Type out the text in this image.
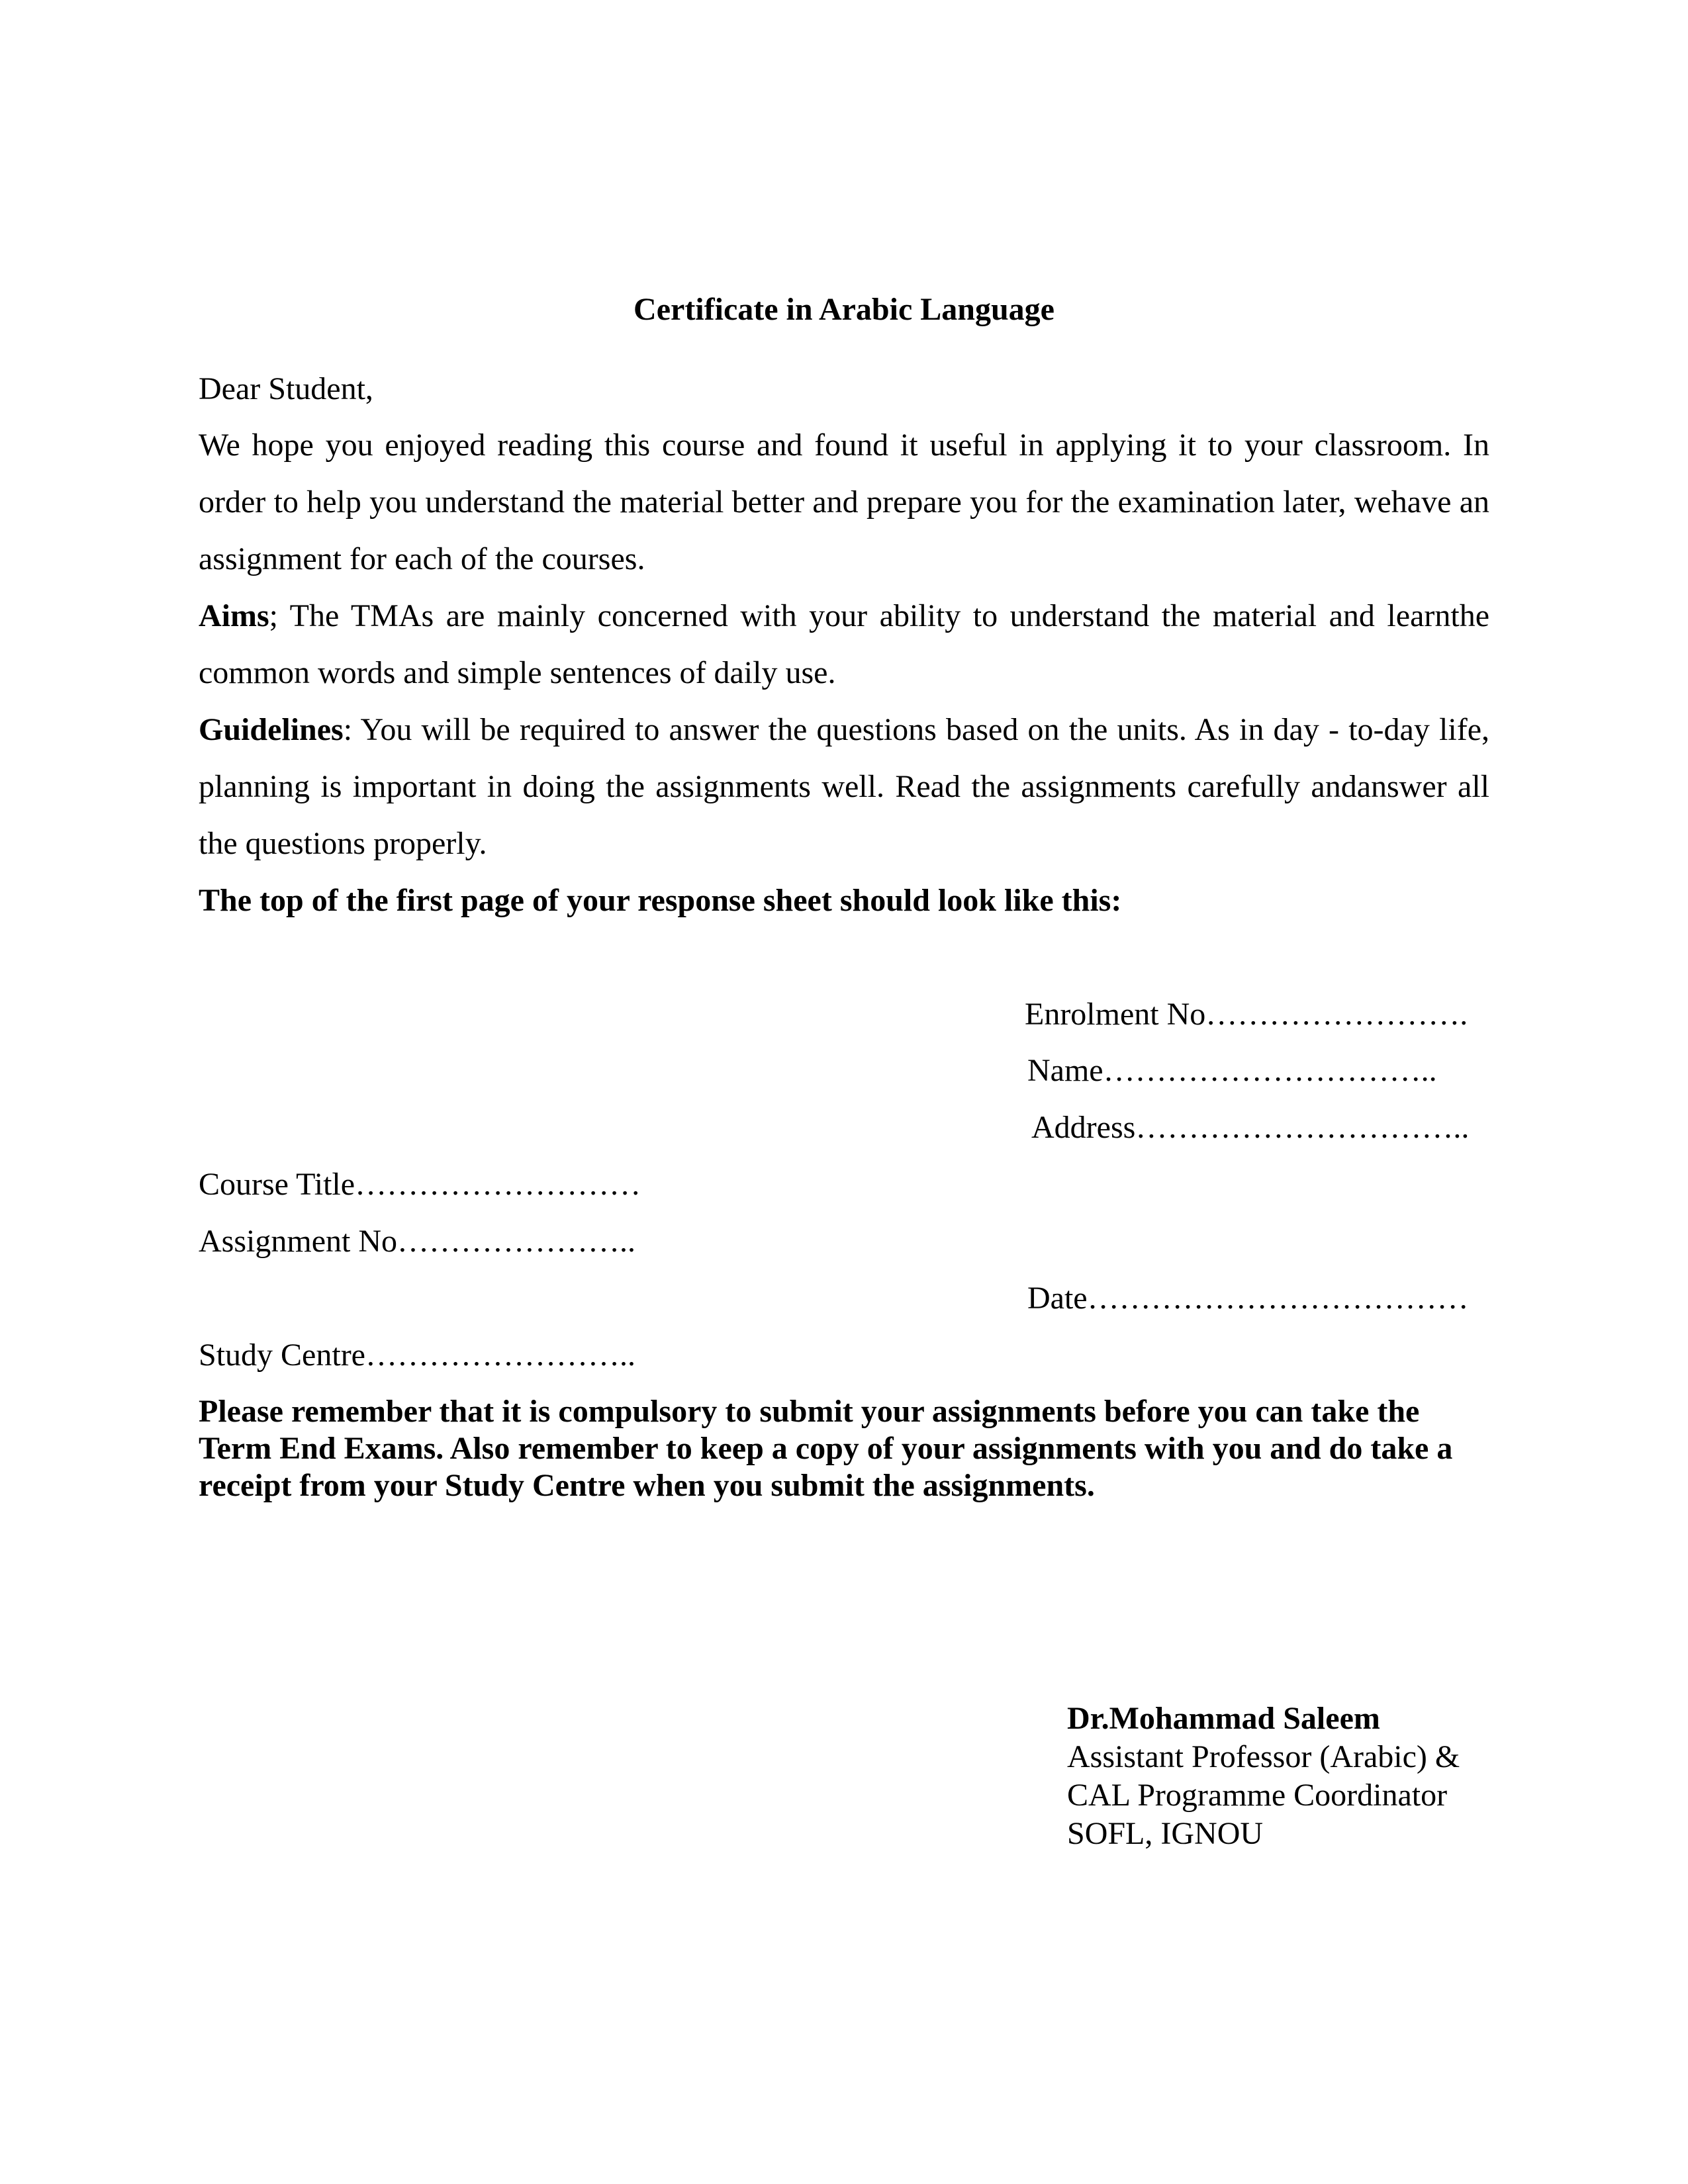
Certificate in Arabic Language
Dear Student,
We hope you enjoyed reading this course and found it useful in applying it to your classroom. In order to help you understand the material better and prepare you for the examination later, wehave an assignment for each of the courses.
Aims; The TMAs are mainly concerned with your ability to understand the material and learnthe common words and simple sentences of daily use.
Guidelines: You will be required to answer the questions based on the units. As in day - to-day life, planning is important in doing the assignments well. Read the assignments carefully andanswer all the questions properly.
The top of the first page of your response sheet should look like this:
Enrolment No…………………….
Name…………………………..
Address…………………………..
Course Title………………………
Assignment No…………………..
Date………………………………
Study Centre……………………..
Please remember that it is compulsory to submit your assignments before you can take the Term End Exams. Also remember to keep a copy of your assignments with you and do take a receipt from your Study Centre when you submit the assignments.
Dr.Mohammad Saleem
Assistant Professor (Arabic) &
CAL Programme Coordinator
SOFL, IGNOU
